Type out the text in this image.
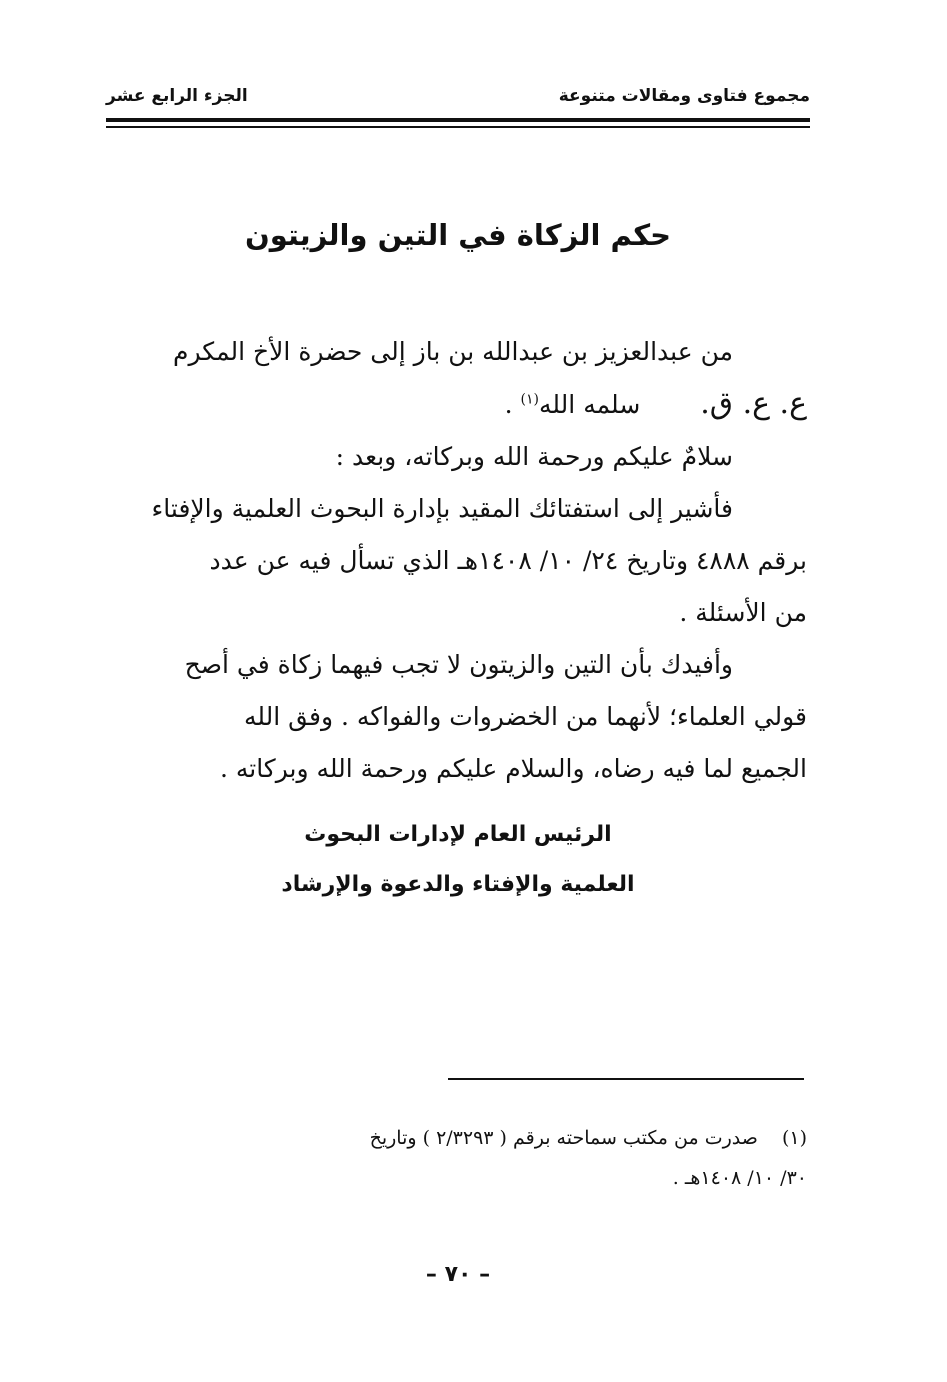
مجموع فتاوى ومقالات متنوعة
الجزء الرابع عشر
حكم الزكاة في التين والزيتون
من عبدالعزيز بن عبدالله بن باز إلى حضرة الأخ المكرم
ع. ع. ق. سلمه الله$^{(١)}$ .
سلامٌ عليكم ورحمة الله وبركاته، وبعد :
فأشير إلى استفتائك المقيد بإدارة البحوث العلمية والإفتاء
برقم ٤٨٨٨ وتاريخ ٢٤/ ١٠/ ١٤٠٨هـ الذي تسأل فيه عن عدد
من الأسئلة .
وأفيدك بأن التين والزيتون لا تجب فيهما زكاة في أصح
قولي العلماء؛ لأنهما من الخضروات والفواكه . وفق الله
الجميع لما فيه رضاه، والسلام عليكم ورحمة الله وبركاته .
الرئيس العام لإدارات البحوث
العلمية والإفتاء والدعوة والإرشاد
(١) صدرت من مكتب سماحته برقم ( ٢/٣٢٩٣ ) وتاريخ
٣٠/ ١٠/ ١٤٠٨هـ .
– ٧٠ –
